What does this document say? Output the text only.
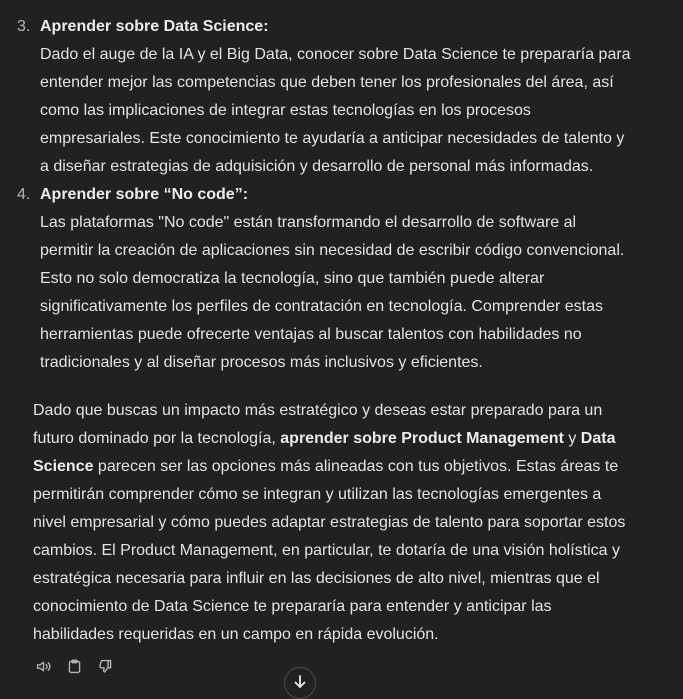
3. Aprender sobre Data Science:
Dado el auge de la IA y el Big Data, conocer sobre Data Science te prepararía para
entender mejor las competencias que deben tener los profesionales del área, así
como las implicaciones de integrar estas tecnologías en los procesos
empresariales. Este conocimiento te ayudaría a anticipar necesidades de talento y
a diseñar estrategias de adquisición y desarrollo de personal más informadas.
4. Aprender sobre “No code”:
Las plataformas "No code" están transformando el desarrollo de software al
permitir la creación de aplicaciones sin necesidad de escribir código convencional.
Esto no solo democratiza la tecnología, sino que también puede alterar
significativamente los perfiles de contratación en tecnología. Comprender estas
herramientas puede ofrecerte ventajas al buscar talentos con habilidades no
tradicionales y al diseñar procesos más inclusivos y eficientes.
Dado que buscas un impacto más estratégico y deseas estar preparado para un
futuro dominado por la tecnología, aprender sobre Product Management y Data
Science parecen ser las opciones más alineadas con tus objetivos. Estas áreas te
permitirán comprender cómo se integran y utilizan las tecnologías emergentes a
nivel empresarial y cómo puedes adaptar estrategias de talento para soportar estos
cambios. El Product Management, en particular, te dotaría de una visión holística y
estratégica necesaria para influir en las decisiones de alto nivel, mientras que el
conocimiento de Data Science te prepararía para entender y anticipar las
habilidades requeridas en un campo en rápida evolución.
